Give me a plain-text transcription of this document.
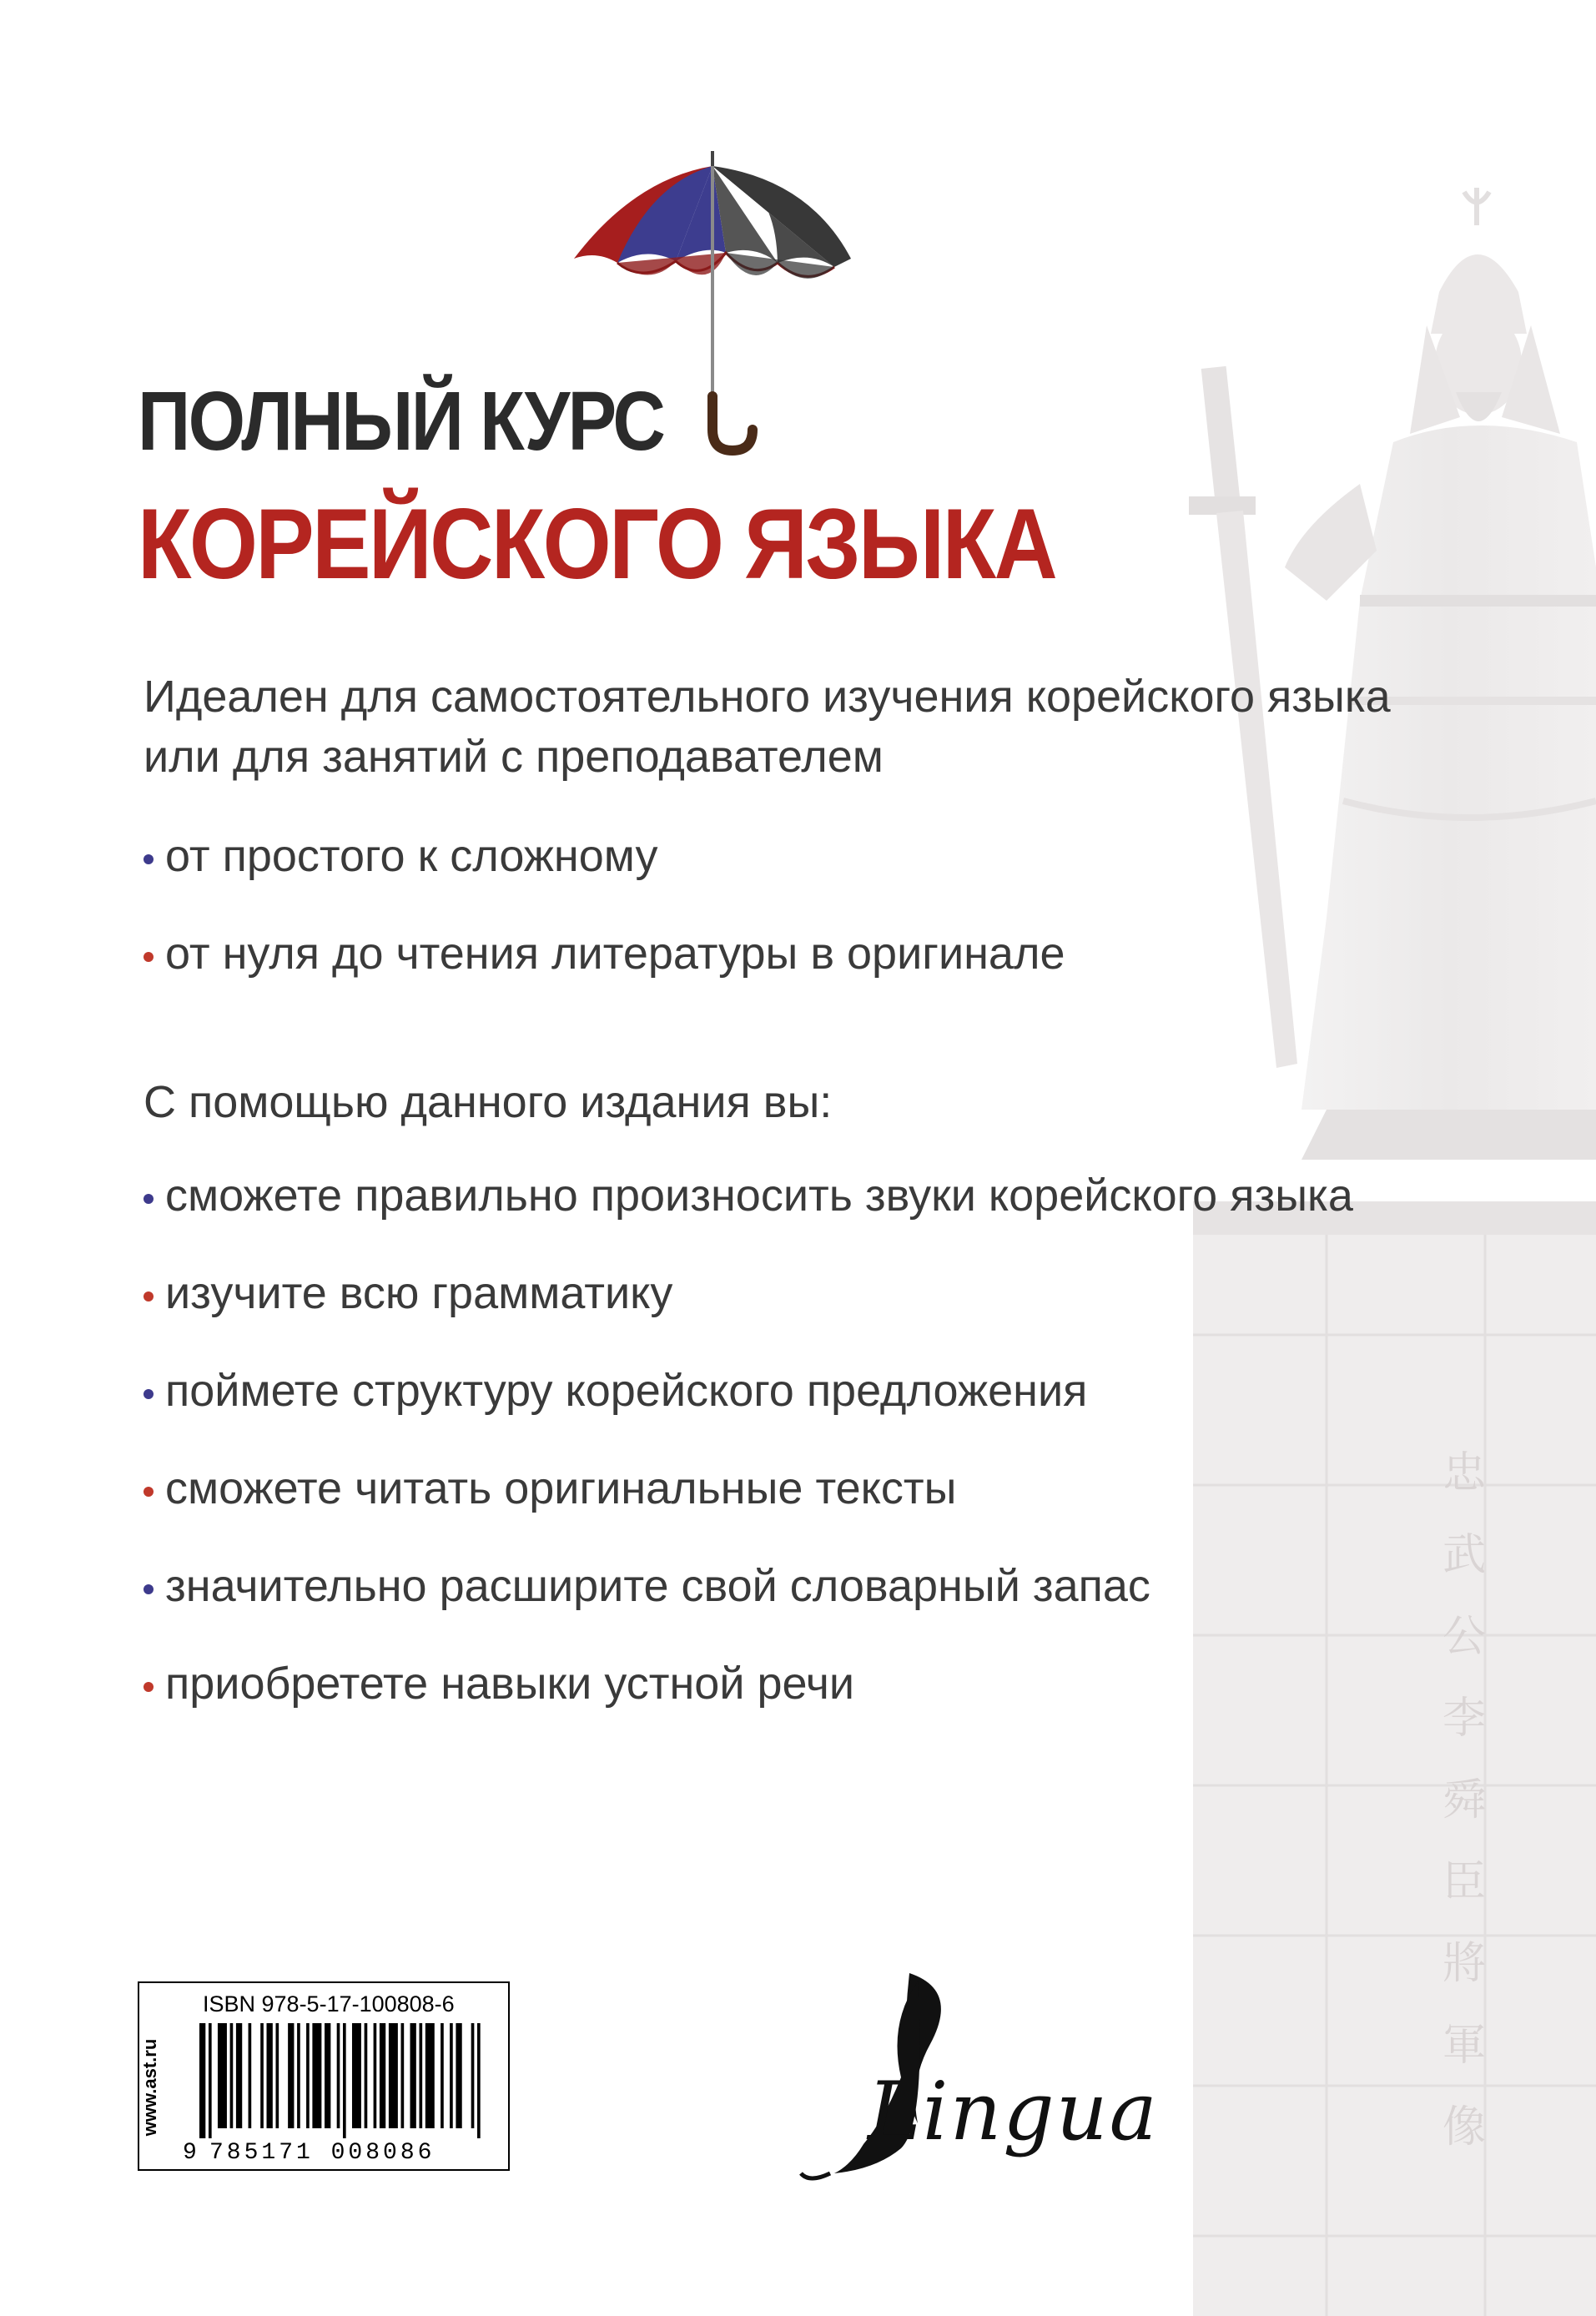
忠
武
公
李
舜
臣
將
軍
像
ПОЛНЫЙ КУРС
КОРЕЙСКОГО ЯЗЫКА

Идеален для самостоятельного изучения корейского языка

или для занятий с преподавателем

от простого к сложному

от нуля до чтения литературы в оригинале

С помощью данного издания вы:

сможете правильно произносить звуки корейского языка

изучите всю грамматику

поймете структуру корейского предложения

сможете читать оригинальные тексты

значительно расширите свой словарный запас

приобретете навыки устной речи

www.ast.ru
ISBN 978-5-17-100808-6
9 785171 008086	Lingua
